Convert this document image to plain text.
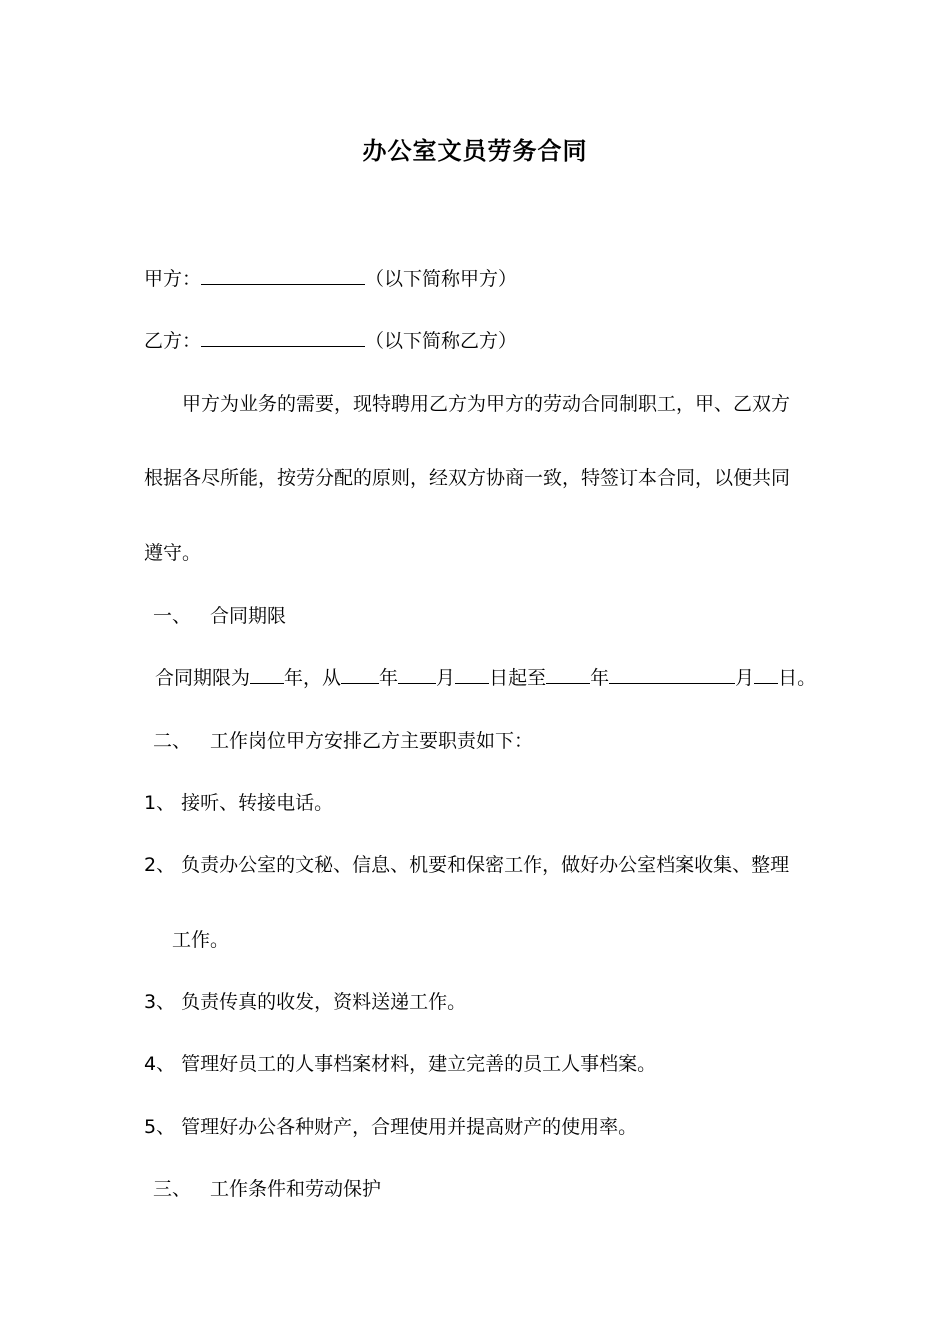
办公室文员劳务合同
甲方：	（以下简称甲方）
乙方：	（以下简称乙方）
甲方为业务的需要，现特聘用乙方为甲方的劳动合同制职工，甲、乙双方
根据各尽所能，按劳分配的原则，经双方协商一致，特签订本合同，以便共同
遵守。
一、 合同期限
合同期限为 年，从 年 月 日起至 年	月 日。
二、 工作岗位甲方安排乙方主要职责如下：
1、 接听、转接电话。
2、 负责办公室的文秘、信息、机要和保密工作，做好办公室档案收集、整理
工作。
3、 负责传真的收发，资料送递工作。
4、 管理好员工的人事档案材料，建立完善的员工人事档案。
5、 管理好办公各种财产，合理使用并提高财产的使用率。
三、 工作条件和劳动保护
